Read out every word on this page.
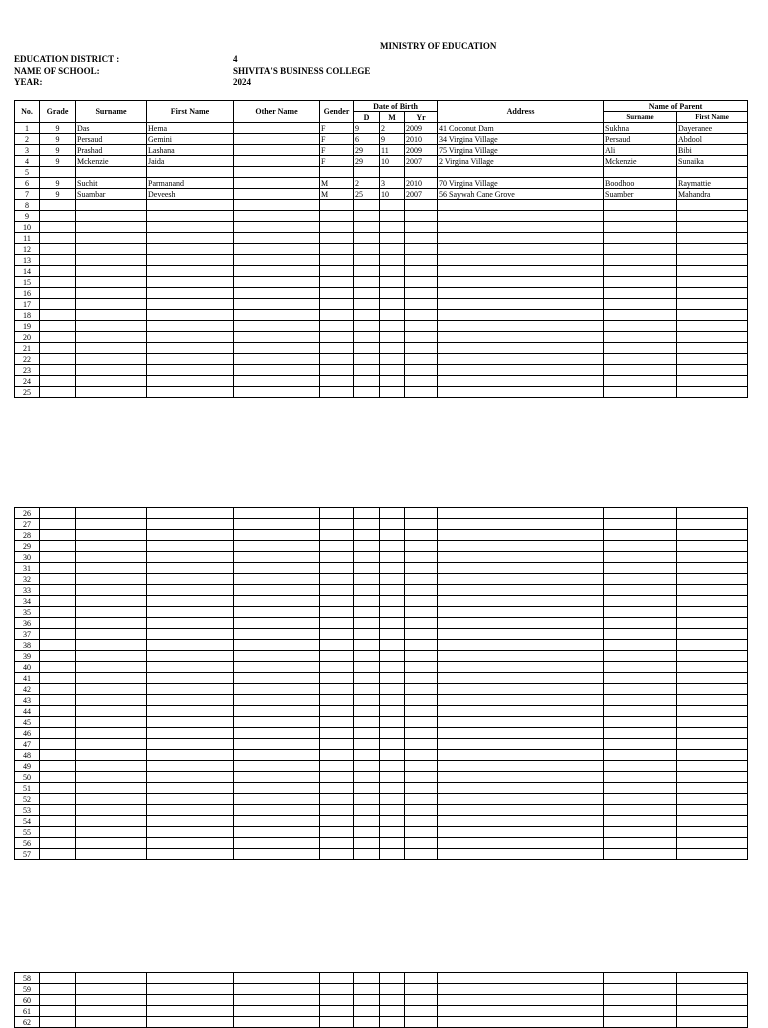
MINISTRY OF EDUCATION
EDUCATION DISTRICT :	4
NAME OF SCHOOL:	SHIVITA'S BUSINESS COLLEGE
YEAR:	2024
No.	Grade	Surname	First Name	Other Name	Gender	Date of Birth			Address	Name of Parent	
						D	M	Yr		Surname	First Name
1	9	Das	Hema		F	9	2	2009	41 Coconut Dam	Sukhna	Dayeranee
2	9	Persaud	Gemini		F	6	9	2010	34 Virgina Village	Persaud	Abdool
3	9	Prashad	Lashana		F	29	11	2009	75 Virgina Village	Ali	Bibi
4	9	Mckenzie	Jaida		F	29	10	2007	2 Virgina Village	Mckenzie	Sunaika
5											
6	9	Suchit	Parmanand		M	2	3	2010	70 Virgina Village	Boodhoo	Raymattie
7	9	Suambar	Deveesh		M	25	10	2007	56 Saywah Cane Grove	Suamber	Mahandra
8											
9											
10											
11											
12											
13											
14											
15											
16											
17											
18											
19											
20											
21											
22											
23											
24											
25											
26											
27											
28											
29											
30											
31											
32											
33											
34											
35											
36											
37											
38											
39											
40											
41											
42											
43											
44											
45											
46											
47											
48											
49											
50											
51											
52											
53											
54											
55											
56											
57											
58											
59											
60											
61											
62											
